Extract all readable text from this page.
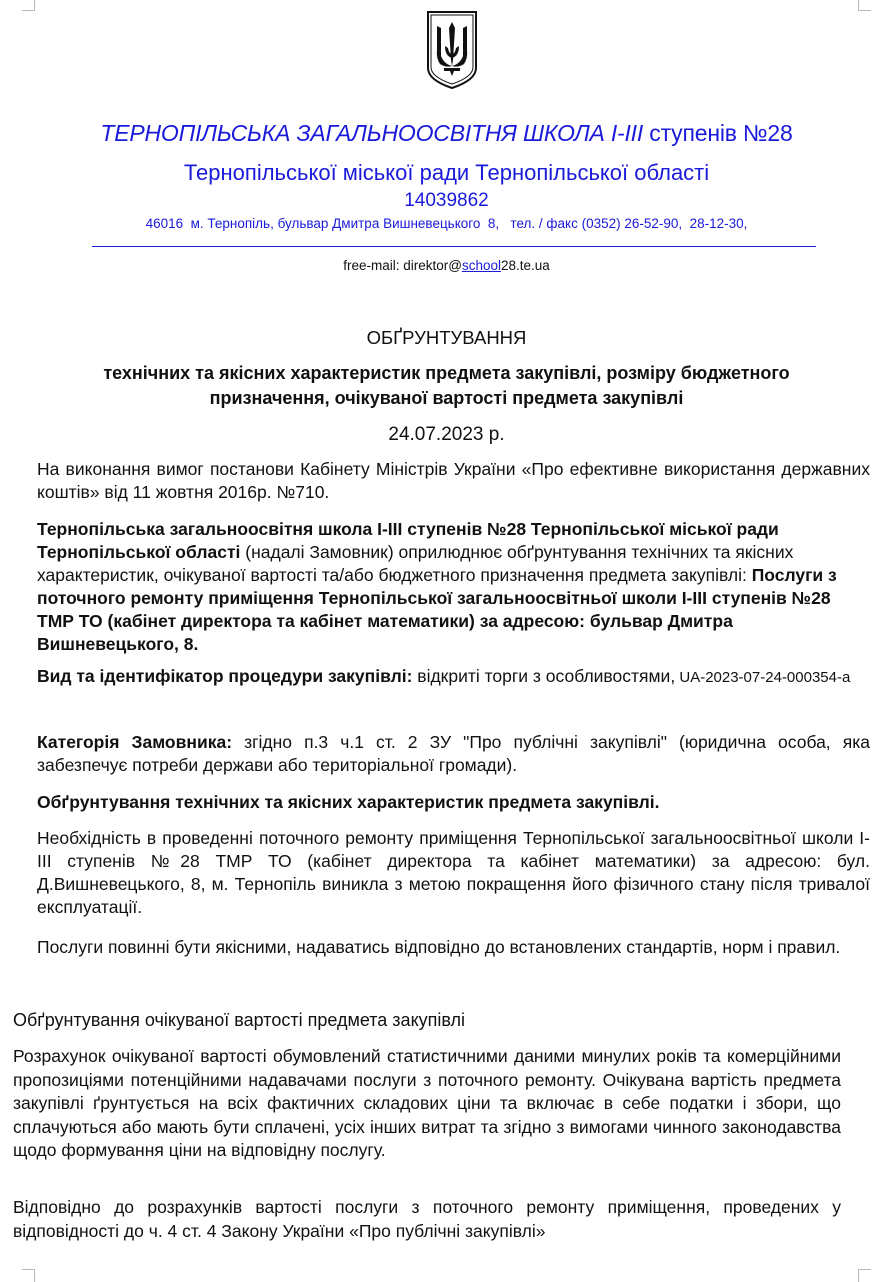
ТЕРНОПІЛЬСЬКА ЗАГАЛЬНООСВІТНЯ ШКОЛА І-ІІІ ступенів №28
Тернопільської міської ради Тернопільської області
14039862
46016  м. Тернопіль, бульвар Дмитра Вишневецького  8,   тел. / факс (0352) 26-52-90,  28-12-30,
free-mail: direktor@school28.te.ua
ОБҐРУНТУВАННЯ
технічних та якісних характеристик предмета закупівлі, розміру бюджетного призначення, очікуваної вартості предмета закупівлі
24.07.2023 р.

На виконання вимог постанови Кабінету Міністрів України «Про ефективне використання державних коштів» від 11 жовтня 2016р. №710.

Тернопільська загальноосвітня школа І-ІІІ ступенів №28 Тернопільської міської ради Тернопільської області (надалі Замовник) оприлюднює обґрунтування технічних та якісних характеристик, очікуваної вартості та/або бюджетного призначення предмета закупівлі: Послуги з поточного ремонту приміщення Тернопільської загальноосвітньої школи І-ІІІ ступенів №28 ТМР ТО (кабінет директора та кабінет математики) за адресою: бульвар Дмитра Вишневецького, 8.

Вид та ідентифікатор процедури закупівлі: відкриті торги з особливостями, UA-2023-07-24-000354-a

Категорія Замовника: згідно п.3 ч.1 ст. 2 ЗУ "Про публічні закупівлі" (юридична особа, яка забезпечує потреби держави або територіальної громади).

Обґрунтування технічних та якісних характеристик предмета закупівлі.

Необхідність в проведенні поточного ремонту приміщення Тернопільської загальноосвітньої школи І-ІІІ ступенів №28 ТМР ТО (кабінет директора та кабінет математики) за адресою: бул. Д.Вишневецького, 8, м. Тернопіль виникла з метою покращення його фізичного стану після тривалої експлуатації.

Послуги повинні бути якісними, надаватись відповідно до встановлених стандартів, норм і правил.

Обґрунтування очікуваної вартості предмета закупівлі

Розрахунок очікуваної вартості обумовлений статистичними даними минулих років та комерційними пропозиціями потенційними надавачами послуги з поточного ремонту. Очікувана вартість предмета закупівлі ґрунтується на всіх фактичних складових ціни та включає в себе податки і збори, що сплачуються або мають бути сплачені, усіх інших витрат та згідно з вимогами чинного законодавства щодо формування ціни на відповідну послугу.

Відповідно до розрахунків вартості послуги з поточного ремонту приміщення, проведених у відповідності до ч. 4 ст. 4 Закону України «Про публічні закупівлі»
